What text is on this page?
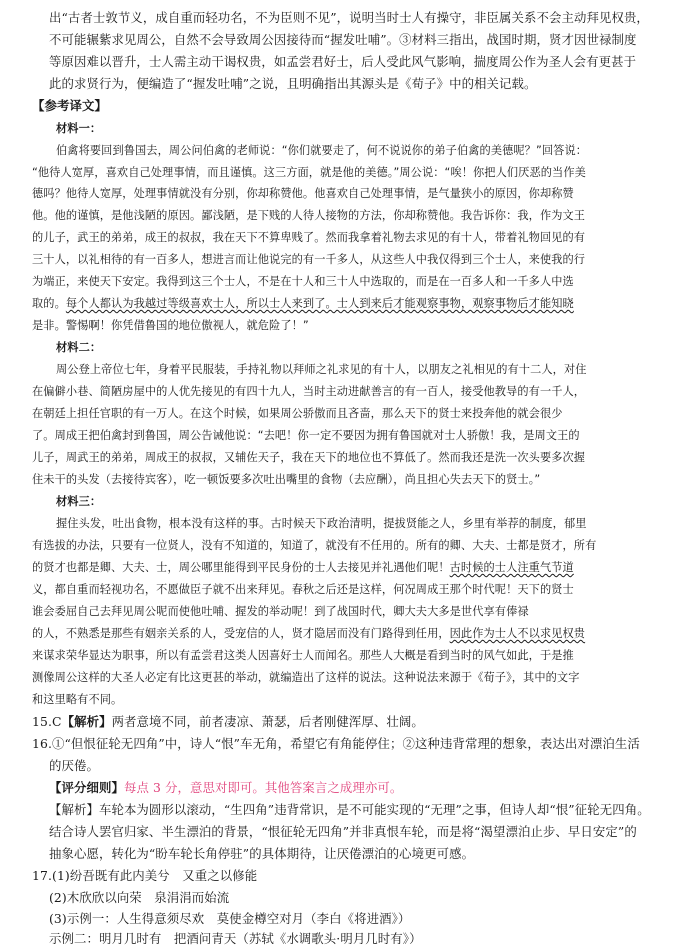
出“古者士敦节义，成自重而轻功名，不为臣则不见”，说明当时士人有操守，非臣属关系不会主动拜见权贵，
不可能辗紫求见周公，自然不会导致周公因接待而“握发吐哺”。③材料三指出，战国时期，贤才因世禄制度
等原因难以晋升，士人需主动干谒权贵，如孟尝君好士，后人受此风气影响，揣度周公作为圣人会有更甚于
此的求贤行为，便编造了“握发吐哺”之说，且明确指出其源头是《荀子》中的相关记载。
【参考译文】
材料一：
伯禽将要回到鲁国去，周公问伯禽的老师说：“你们就要走了，何不说说你的弟子伯禽的美德呢？”回答说：
“他待人宽厚，喜欢自己处理事情，而且谨慎。这三方面，就是他的美德。”周公说：“唉！你把人们厌恶的当作美
德吗？他待人宽厚，处理事情就没有分别，你却称赞他。他喜欢自己处理事情，是气量狭小的原因，你却称赞
他。他的谨慎，是他浅陋的原因。鄙浅陋，是下贱的人待人接物的方法，你却称赞他。我告诉你：我，作为文王
的儿子，武王的弟弟，成王的叔叔，我在天下不算卑贱了。然而我拿着礼物去求见的有十人，带着礼物回见的有
三十人，以礼相待的有一百多人，想进言而让他说完的有一千多人，从这些人中我仅得到三个士人，来使我的行
为端正，来使天下安定。我得到这三个士人，不是在十人和三十人中选取的，而是在一百多人和一千多人中选
取的。每个人都认为我越过等级喜欢士人，所以士人来到了。士人到来后才能观察事物，观察事物后才能知晓
是非。警惕啊！你凭借鲁国的地位傲视人，就危险了！”
材料二：
周公登上帝位七年，身着平民服装，手持礼物以拜师之礼求见的有十人，以朋友之礼相见的有十二人，对住
在偏僻小巷、简陋房屋中的人优先接见的有四十九人，当时主动进献善言的有一百人，接受他教导的有一千人，
在朝廷上担任官职的有一万人。在这个时候，如果周公骄傲而且吝啬，那么天下的贤士来投奔他的就会很少
了。周成王把伯禽封到鲁国，周公告诫他说：“去吧！你一定不要因为拥有鲁国就对士人骄傲！我，是周文王的
儿子，周武王的弟弟，周成王的叔叔，又辅佐天子，我在天下的地位也不算低了。然而我还是洗一次头要多次握
住未干的头发（去接待宾客），吃一顿饭要多次吐出嘴里的食物（去应酬），尚且担心失去天下的贤士。”
材料三：
握住头发，吐出食物，根本没有这样的事。古时候天下政治清明，提拔贤能之人，乡里有举荐的制度，郁里
有选拔的办法，只要有一位贤人，没有不知道的，知道了，就没有不任用的。所有的卿、大夫、士都是贤才，所有
的贤才也都是卿、大夫、士，周公哪里能得到平民身份的士人去接见并礼遇他们呢！古时候的士人注重气节道
义，都自重而轻视功名，不愿做臣子就不出来拜见。春秋之后还是这样，何况周成王那个时代呢！天下的贤士
谁会委屈自己去拜见周公呢而使他吐哺、握发的举动呢！到了战国时代，卿大夫大多是世代享有俸禄
的人，不熟悉是那些有姻亲关系的人，受宠信的人，贤才隐居而没有门路得到任用，因此作为士人不以求见权贵
来谋求荣华显达为职事，所以有孟尝君这类人因喜好士人而闻名。那些人大概是看到当时的风气如此，于是推
测像周公这样的大圣人必定有比这更甚的举动，就编造出了这样的说法。这种说法来源于《荀子》，其中的文字
和这里略有不同。
15.C【解析】两者意境不同，前者凄凉、萧瑟，后者刚健浑厚、壮阔。
16.①“但恨征轮无四角”中，诗人“恨”车无角，希望它有角能停住；②这种违背常理的想象，表达出对漂泊生活
的厌倦。
【评分细则】每点 3 分，意思对即可。其他答案言之成理亦可。
【解析】车轮本为圆形以滚动，“生四角”违背常识，是不可能实现的“无理”之事，但诗人却“恨”征轮无四角。
结合诗人罢官归家、半生漂泊的背景，“恨征轮无四角”并非真恨车轮，而是将“渴望漂泊止步、早日安定”的
抽象心愿，转化为“盼车轮长角停驻”的具体期待，让厌倦漂泊的心境更可感。
17.(1)纷吾既有此内美兮　又重之以修能
(2)木欣欣以向荣　泉涓涓而始流
(3)示例一：人生得意须尽欢　莫使金樽空对月（李白《将进酒》）
示例二：明月几时有　把酒问青天（苏轼《水调歌头·明月几时有》）
